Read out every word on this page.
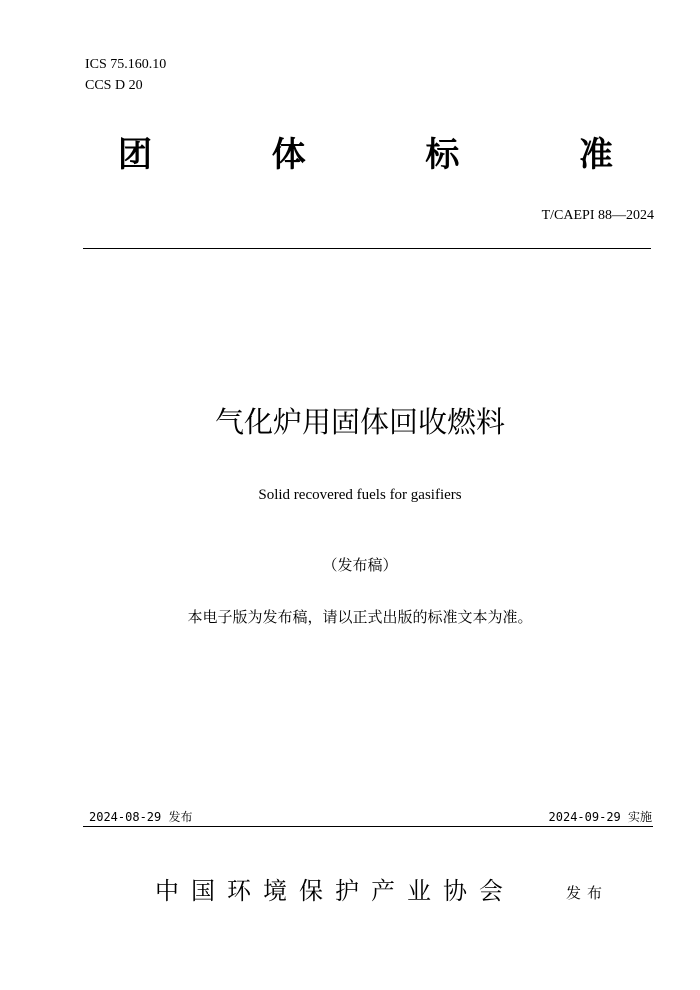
ICS 75.160.10
CCS D 20
团	体	标	准
T/CAEPI 88—2024
气化炉用固体回收燃料
Solid recovered fuels for gasifiers
（发布稿）
本电子版为发布稿，请以正式出版的标准文本为准。
2024-08-29 发布	2024-09-29 实施
中国环境保护产业协会	发布
